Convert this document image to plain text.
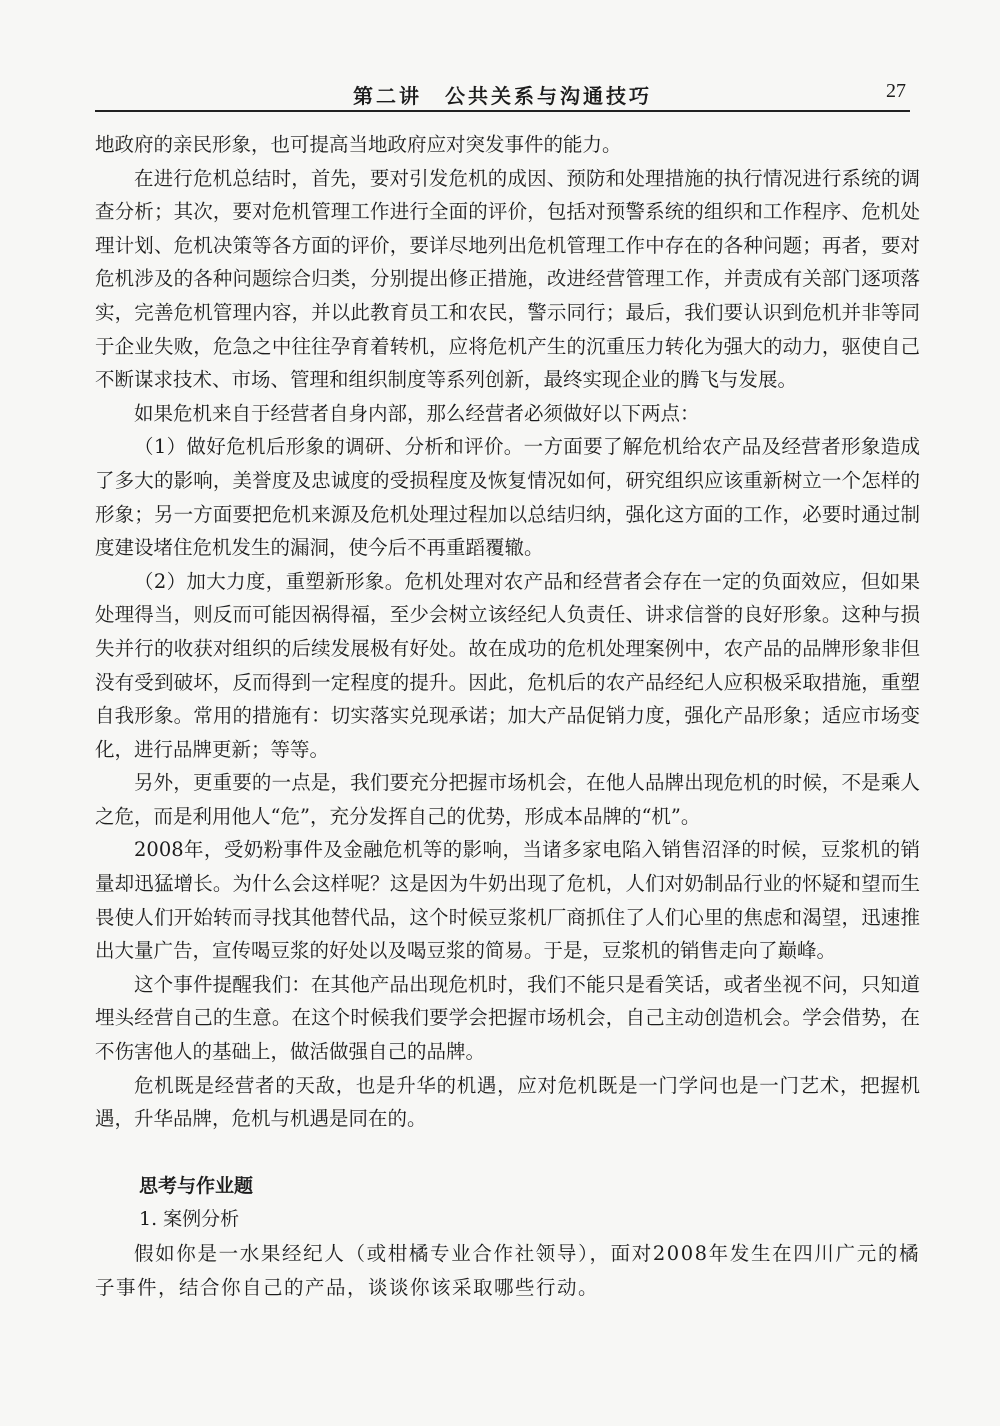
第二讲　公共关系与沟通技巧	27

地政府的亲民形象，也可提高当地政府应对突发事件的能力。

在进行危机总结时，首先，要对引发危机的成因、预防和处理措施的执行情况进行系统的调查分析；其次，要对危机管理工作进行全面的评价，包括对预警系统的组织和工作程序、危机处理计划、危机决策等各方面的评价，要详尽地列出危机管理工作中存在的各种问题；再者，要对危机涉及的各种问题综合归类，分别提出修正措施，改进经营管理工作，并责成有关部门逐项落实，完善危机管理内容，并以此教育员工和农民，警示同行；最后，我们要认识到危机并非等同于企业失败，危急之中往往孕育着转机，应将危机产生的沉重压力转化为强大的动力，驱使自己不断谋求技术、市场、管理和组织制度等系列创新，最终实现企业的腾飞与发展。

如果危机来自于经营者自身内部，那么经营者必须做好以下两点：

（1）做好危机后形象的调研、分析和评价。一方面要了解危机给农产品及经营者形象造成了多大的影响，美誉度及忠诚度的受损程度及恢复情况如何，研究组织应该重新树立一个怎样的形象；另一方面要把危机来源及危机处理过程加以总结归纳，强化这方面的工作，必要时通过制度建设堵住危机发生的漏洞，使今后不再重蹈覆辙。

（2）加大力度，重塑新形象。危机处理对农产品和经营者会存在一定的负面效应，但如果处理得当，则反而可能因祸得福，至少会树立该经纪人负责任、讲求信誉的良好形象。这种与损失并行的收获对组织的后续发展极有好处。故在成功的危机处理案例中，农产品的品牌形象非但没有受到破坏，反而得到一定程度的提升。因此，危机后的农产品经纪人应积极采取措施，重塑自我形象。常用的措施有：切实落实兑现承诺；加大产品促销力度，强化产品形象；适应市场变化，进行品牌更新；等等。

另外，更重要的一点是，我们要充分把握市场机会，在他人品牌出现危机的时候，不是乘人之危，而是利用他人“危”，充分发挥自己的优势，形成本品牌的“机”。

2008年，受奶粉事件及金融危机等的影响，当诸多家电陷入销售沼泽的时候，豆浆机的销量却迅猛增长。为什么会这样呢？这是因为牛奶出现了危机，人们对奶制品行业的怀疑和望而生畏使人们开始转而寻找其他替代品，这个时候豆浆机厂商抓住了人们心里的焦虑和渴望，迅速推出大量广告，宣传喝豆浆的好处以及喝豆浆的简易。于是，豆浆机的销售走向了巅峰。

这个事件提醒我们：在其他产品出现危机时，我们不能只是看笑话，或者坐视不问，只知道埋头经营自己的生意。在这个时候我们要学会把握市场机会，自己主动创造机会。学会借势，在不伤害他人的基础上，做活做强自己的品牌。

危机既是经营者的天敌，也是升华的机遇，应对危机既是一门学问也是一门艺术，把握机遇，升华品牌，危机与机遇是同在的。

思考与作业题
1. 案例分析

假如你是一水果经纪人（或柑橘专业合作社领导），面对2008年发生在四川广元的橘子事件，结合你自己的产品，谈谈你该采取哪些行动。
